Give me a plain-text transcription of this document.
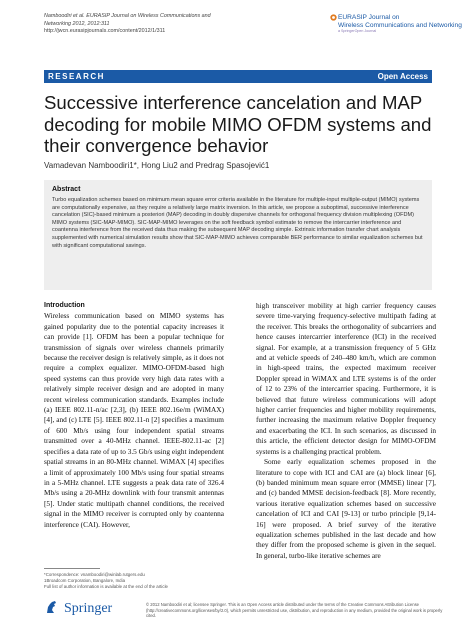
Namboodiri et al. EURASIP Journal on Wireless Communications and
Networking 2012, 2012:311
http://jwcn.eurasipjournals.com/content/2012/1/311
EURASIP Journal on
Wireless Communications and Networking
a SpringerOpen Journal
RESEARCH	Open Access
Successive interference cancelation and MAP decoding for mobile MIMO OFDM systems and their convergence behavior
Vamadevan Namboodiri1*, Hong Liu2 and Predrag Spasojević1
Abstract

Turbo equalization schemes based on minimum mean square error criteria available in the literature for multiple-input multiple-output (MIMO) systems are computationally expensive, as they require a relatively large matrix inversion. In this article, we propose a suboptimal, successive interference cancelation (SIC)-based minimum a posteriori (MAP) decoding in doubly dispersive channels for orthogonal frequency division multiplexing (OFDM) MIMO systems (SIC-MAP-MIMO). SIC-MAP-MIMO leverages on the soft feedback symbol estimate to remove the intercarrier interference and coantenna interference from the received data thus making the subsequent MAP decoding simple. Extrinsic information transfer chart analysis supplemented with numerical simulation results show that SIC-MAP-MIMO achieves comparable BER performance to similar equalization schemes but with significant computational savings.

Introduction

Wireless communication based on MIMO systems has gained popularity due to the potential capacity increases it can provide [1]. OFDM has been a popular technique for transmission of signals over wireless channels primarily because the receiver design is relatively simple, as it does not require a complex equalizer. MIMO-OFDM-based high speed systems can thus provide very high data rates with a relatively simple receiver design and are adopted in many recent wireless communication standards. Examples include (a) IEEE 802.11-n/ac [2,3], (b) IEEE 802.16e/m (WiMAX) [4], and (c) LTE [5]. IEEE 802.11-n [2] specifies a maximum of 600 Mb/s using four independent spatial streams transmitted over a 40-MHz channel. IEEE-802.11-ac [2] specifies a data rate of up to 3.5 Gb/s using eight independent spatial streams in an 80-MHz channel. WiMAX [4] specifies a limit of approximately 100 Mb/s using four spatial streams in a 5-MHz channel. LTE suggests a peak data rate of 326.4 Mb/s using a 20-MHz downlink with four transmit antennas [5]. Under static multipath channel conditions, the received signal in the MIMO receiver is corrupted only by coantenna interference (CAI). However,

high transceiver mobility at high carrier frequency causes severe time-varying frequency-selective multipath fading at the receiver. This breaks the orthogonality of subcarriers and hence causes intercarrier interference (ICI) in the received signal. For example, at a transmission frequency of 5 GHz and at vehicle speeds of 240–480 km/h, which are common in high-speed trains, the expected maximum receiver Doppler spread in WiMAX and LTE systems is of the order of 12 to 23% of the intercarrier spacing. Furthermore, it is believed that future wireless communications will adopt higher carrier frequencies and higher mobility requirements, further increasing the maximum relative Doppler frequency and exacerbating the ICI. In such scenarios, as discussed in this article, the efficient detector design for MIMO-OFDM systems is a challenging practical problem.

Some early equalization schemes proposed in the literature to cope with ICI and CAI are (a) block linear [6], (b) banded minimum mean square error (MMSE) linear [7], and (c) banded MMSE decision-feedback [8]. More recently, various iterative equalization schemes based on successive cancelation of ICI and CAI [9-13] or turbo principle [9,14-16] were proposed. A brief survey of the iterative equalization schemes published in the last decade and how they differ from the proposed scheme is given in the sequel. In general, turbo-like iterative schemes are

*Correspondence: vnamboodiri@winlab.rutgers.edu
1Broadcom Corporation, Bangalore, India
Full list of author information is available at the end of the article
Springer	© 2012 Namboodiri et al; licensee Springer. This is an Open Access article distributed under the terms of the Creative Commons Attribution License (http://creativecommons.org/licenses/by/2.0), which permits unrestricted use, distribution, and reproduction in any medium, provided the original work is properly cited.
